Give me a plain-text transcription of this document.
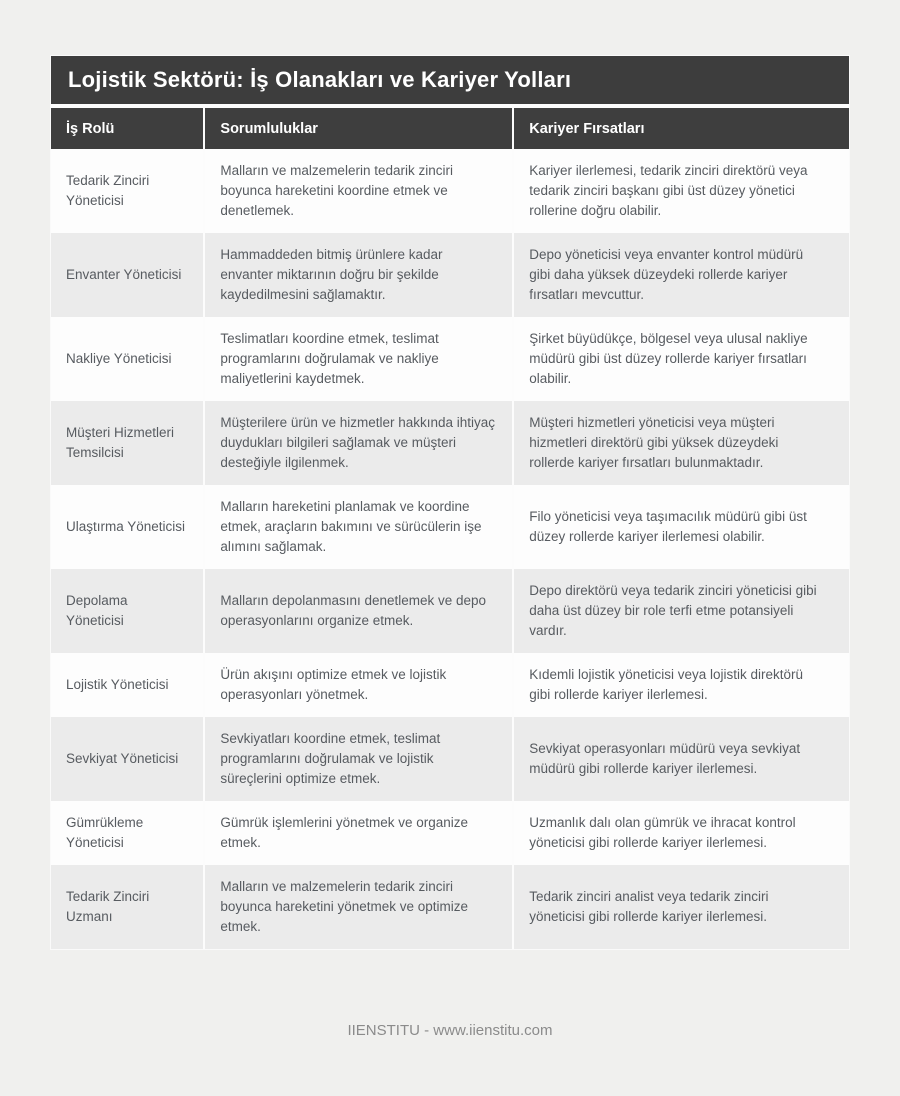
Lojistik Sektörü: İş Olanakları ve Kariyer Yolları
İş Rolü	Sorumluluklar	Kariyer Fırsatları
Tedarik Zinciri Yöneticisi
Malların ve malzemelerin tedarik zinciri boyunca hareketini koordine etmek ve denetlemek.
Kariyer ilerlemesi, tedarik zinciri direktörü veya tedarik zinciri başkanı gibi üst düzey yönetici rollerine doğru olabilir.
Envanter Yöneticisi
Hammaddeden bitmiş ürünlere kadar envanter miktarının doğru bir şekilde kaydedilmesini sağlamaktır.
Depo yöneticisi veya envanter kontrol müdürü gibi daha yüksek düzeydeki rollerde kariyer fırsatları mevcuttur.
Nakliye Yöneticisi
Teslimatları koordine etmek, teslimat programlarını doğrulamak ve nakliye maliyetlerini kaydetmek.
Şirket büyüdükçe, bölgesel veya ulusal nakliye müdürü gibi üst düzey rollerde kariyer fırsatları olabilir.
Müşteri Hizmetleri Temsilcisi
Müşterilere ürün ve hizmetler hakkında ihtiyaç duydukları bilgileri sağlamak ve müşteri desteğiyle ilgilenmek.
Müşteri hizmetleri yöneticisi veya müşteri hizmetleri direktörü gibi yüksek düzeydeki rollerde kariyer fırsatları bulunmaktadır.
Ulaştırma Yöneticisi
Malların hareketini planlamak ve koordine etmek, araçların bakımını ve sürücülerin işe alımını sağlamak.
Filo yöneticisi veya taşımacılık müdürü gibi üst düzey rollerde kariyer ilerlemesi olabilir.
Depolama Yöneticisi
Malların depolanmasını denetlemek ve depo operasyonlarını organize etmek.
Depo direktörü veya tedarik zinciri yöneticisi gibi daha üst düzey bir role terfi etme potansiyeli vardır.
Lojistik Yöneticisi
Ürün akışını optimize etmek ve lojistik operasyonları yönetmek.
Kıdemli lojistik yöneticisi veya lojistik direktörü gibi rollerde kariyer ilerlemesi.
Sevkiyat Yöneticisi
Sevkiyatları koordine etmek, teslimat programlarını doğrulamak ve lojistik süreçlerini optimize etmek.
Sevkiyat operasyonları müdürü veya sevkiyat müdürü gibi rollerde kariyer ilerlemesi.
Gümrükleme Yöneticisi
Gümrük işlemlerini yönetmek ve organize etmek.
Uzmanlık dalı olan gümrük ve ihracat kontrol yöneticisi gibi rollerde kariyer ilerlemesi.
Tedarik Zinciri Uzmanı
Malların ve malzemelerin tedarik zinciri boyunca hareketini yönetmek ve optimize etmek.
Tedarik zinciri analist veya tedarik zinciri yöneticisi gibi rollerde kariyer ilerlemesi.
IIENSTITU - www.iienstitu.com
